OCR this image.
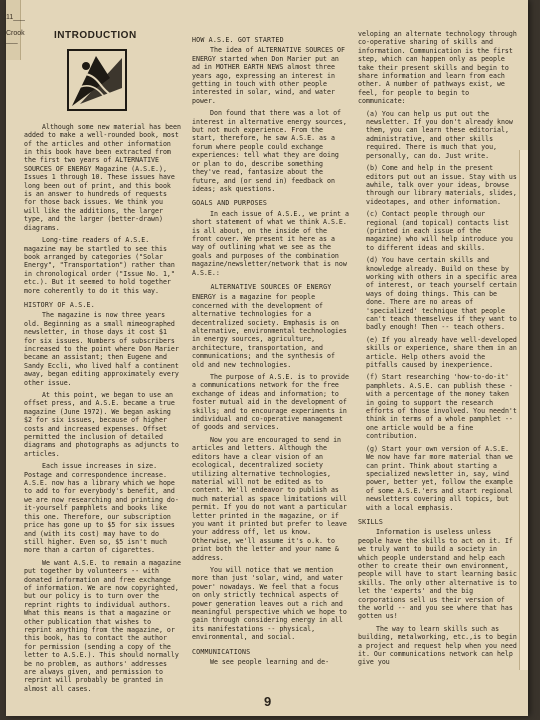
11___
Crook ___	INTRODUCTION

Although some new material has been added to make a well-rounded book, most of the articles and other information in this book have been extracted from the first two years of ALTERNATIVE SOURCES OF ENERGY Magazine (A.S.E.), Issues 1 through 10. These issues have long been out of print, and this book is an answer to hundreds of requests for those back issues. We think you will like the additions, the larger type, and the larger (better-drawn) diagrams.

Long-time readers of A.S.E. magazine may be startled to see this book arranged by categories ("Solar Energy", "Transportation") rather than in chronological order ("Issue No. 1," etc.). But it seemed to hold together more coherently to do it this way.

HISTORY OF A.S.E.

The magazine is now three years old. Beginning as a small mimeographed newsletter, in those days it cost $1 for six issues. Numbers of subscribers increased to the point where Don Marier became an assistant; then Eugene and Sandy Eccli, who lived half a continent away, began editing approximately every other issue.

At this point, we began to use an offset press, and A.S.E. became a true magazine (June 1972). We began asking $2 for six issues, because of higher costs and increased expenses. Offset permitted the inclusion of detailed diagrams and photographs as adjuncts to articles.

Each issue increases in size. Postage and correspondence increase. A.S.E. now has a library which we hope to add to for everybody's benefit, and we are now researching and printing do-it-yourself pamphlets and books like this one. Therefore, our subscription price has gone up to $5 for six issues and (with its cost) may have to do still higher. Even so, $5 isn't much more than a carton of cigarettes.

We want A.S.E. to remain a magazine put together by volunteers -- with donated information and free exchange of information. We are now copyrighted, but our policy is to turn over the reprint rights to individual authors. What this means is that a magazine or other publication that wishes to reprint anything from the magazine, or this book, has to contact the author for permission (sending a copy of the letter to A.S.E.). This should normally be no problem, as authors' addresses are always given, and permission to reprint will probably be granted in almost all cases.

HOW A.S.E. GOT STARTED

The idea of ALTERNATIVE SOURCES OF ENERGY started when Don Marier put an ad in MOTHER EARTH NEWS almost three years ago, expressing an interest in getting in touch with other people interested in solar, wind, and water power.

Don found that there was a lot of interest in alternative energy sources, but not much experience. From the start, therefore, he saw A.S.E. as a forum where people could exchange experiences: tell what they are doing or plan to do, describe something they've read, fantasize about the future, and (or send in) feedback on ideas; ask questions.

GOALS AND PURPOSES

In each issue of A.S.E., we print a short statement of what we think A.S.E. is all about, on the inside of the front cover. We present it here as a way of outlining what we see as the goals and purposes of the combination magazine/newsletter/network that is now A.S.E.:

ALTERNATIVE SOURCES OF ENERGY

ENERGY is a magazine for people concerned with the development of alternative technologies for a decentralized society. Emphasis is on alternative, environmental technologies in energy sources, agriculture, architecture, transportation, and communications; and the synthesis of old and new technologies.

The purpose of A.S.E. is to provide a communications network for the free exchange of ideas and information; to foster mutual aid in the development of skills; and to encourage experiments in individual and co-operative management of goods and services.

Now you are encouraged to send in articles and letters. Although the editors have a clear vision of an ecological, decentralized society utilizing alternative technologies, material will not be edited as to content. We'll endeavor to publish as much material as space limitations will permit. If you do not want a particular letter printed in the magazine, or if you want it printed but prefer to leave your address off, let us know. Otherwise, we'll assume it's o.k. to print both the letter and your name & address.

You will notice that we mention more than just 'solar, wind, and water power' nowadays. We feel that a focus on only strictly technical aspects of power generation leaves out a rich and meaningful perspective which we hope to gain through considering energy in all its manifestations -- physical, environmental, and social.

COMMUNICATIONS

We see people learning and de-

veloping an alternate technology through co-operative sharing of skills and information. Communication is the first step, which can happen only as people take their present skills and begin to share information and learn from each other. A number of pathways exist, we feel, for people to begin to communicate:

(a) You can help us put out the newsletter. If you don't already know them, you can learn these editorial, administrative, and other skills required. There is much that you, personally, can do. Just write.

(b) Come and help in the present editors put out an issue. Stay with us awhile, talk over your ideas, browse through our library materials, slides, videotapes, and other information.

(c) Contact people through our regional (and topical) contacts list (printed in each issue of the magazine) who will help introduce you to different ideas and skills.

(d) You have certain skills and knowledge already. Build on these by working with others in a specific area of interest, or teach yourself certain ways of doing things. This can be done. There are no areas of 'specialized' technique that people can't teach themselves if they want to badly enough! Then -- teach others.

(e) If you already have well-developed skills or experience, share them in an article. Help others avoid the pitfalls caused by inexperience.

(f) Start researching 'how-to-do-it' pamphlets. A.S.E. can publish these - with a percentage of the money taken in going to support the research efforts of those involved. You needn't think in terms of a whole pamphlet -- one article would be a fine contribution.

(g) Start your own version of A.S.E. We now have far more material than we can print. Think about starting a specialized newsletter in, say, wind power, better yet, follow the example of some A.S.E.'ers and start regional newsletters covering all topics, but with a local emphasis.

SKILLS

Information is useless unless people have the skills to act on it. If we truly want to build a society in which people understand and help each other to create their own environment, people will have to start learning basic skills. The only other alternative is to let the 'experts' and the big corporations sell us their version of the world -- and you see where that has gotten us!

The way to learn skills such as building, metalworking, etc.,is to begin a project and request help when you need it. Our communications network can help give you

9
